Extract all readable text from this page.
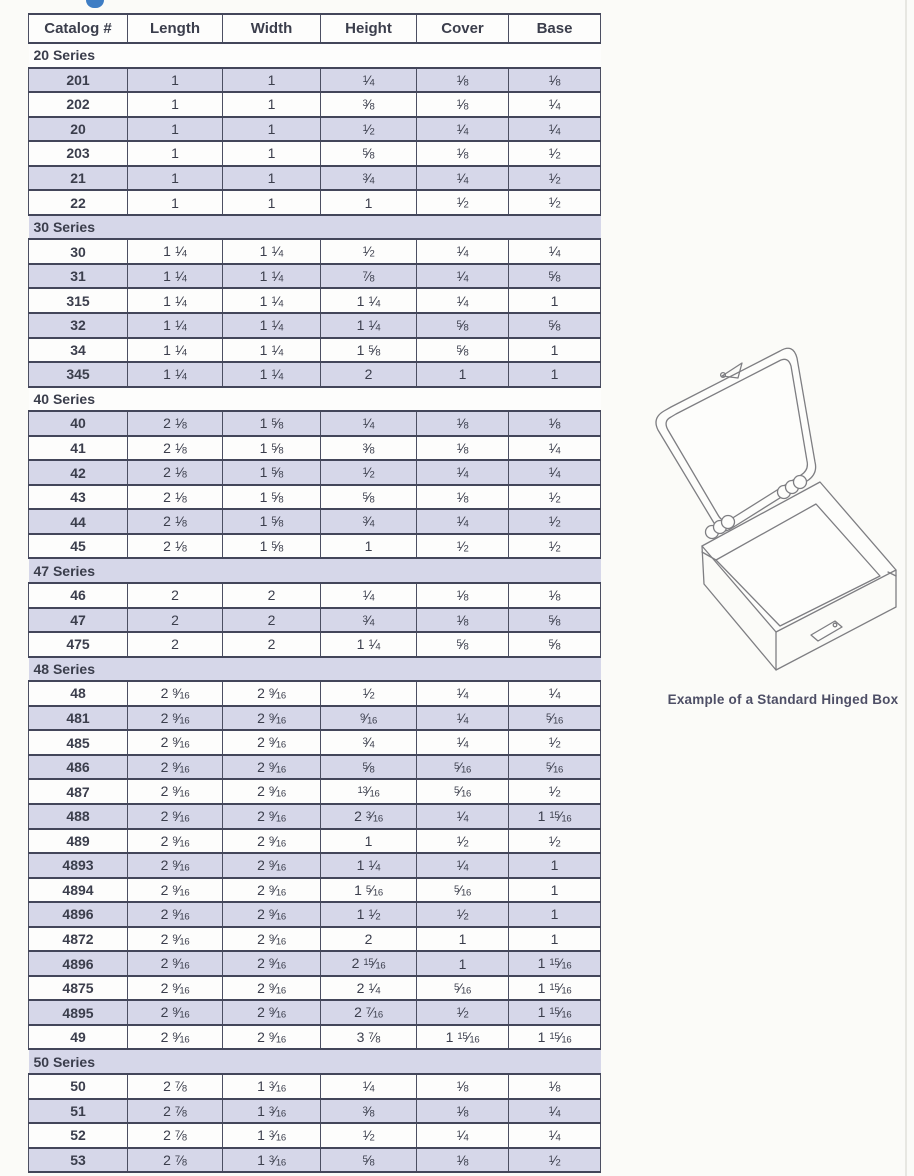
Catalog #	Length	Width	Height	Cover	Base
20 Series					
201	1	1	$^1⁄_4$	$^1⁄_8$	$^1⁄_8$
202	1	1	$^3⁄_8$	$^1⁄_8$	$^1⁄_4$
20	1	1	$^1⁄_2$	$^1⁄_4$	$^1⁄_4$
203	1	1	$^5⁄_8$	$^1⁄_8$	$^1⁄_2$
21	1	1	$^3⁄_4$	$^1⁄_4$	$^1⁄_2$
22	1	1	1	$^1⁄_2$	$^1⁄_2$
30 Series					
30	1 $^1⁄_4$	1 $^1⁄_4$	$^1⁄_2$	$^1⁄_4$	$^1⁄_4$
31	1 $^1⁄_4$	1 $^1⁄_4$	$^7⁄_8$	$^1⁄_4$	$^5⁄_8$
315	1 $^1⁄_4$	1 $^1⁄_4$	1 $^1⁄_4$	$^1⁄_4$	1
32	1 $^1⁄_4$	1 $^1⁄_4$	1 $^1⁄_4$	$^5⁄_8$	$^5⁄_8$
34	1 $^1⁄_4$	1 $^1⁄_4$	1 $^5⁄_8$	$^5⁄_8$	1
345	1 $^1⁄_4$	1 $^1⁄_4$	2	1	1
40 Series					
40	2 $^1⁄_8$	1 $^5⁄_8$	$^1⁄_4$	$^1⁄_8$	$^1⁄_8$
41	2 $^1⁄_8$	1 $^5⁄_8$	$^3⁄_8$	$^1⁄_8$	$^1⁄_4$
42	2 $^1⁄_8$	1 $^5⁄_8$	$^1⁄_2$	$^1⁄_4$	$^1⁄_4$
43	2 $^1⁄_8$	1 $^5⁄_8$	$^5⁄_8$	$^1⁄_8$	$^1⁄_2$
44	2 $^1⁄_8$	1 $^5⁄_8$	$^3⁄_4$	$^1⁄_4$	$^1⁄_2$
45	2 $^1⁄_8$	1 $^5⁄_8$	1	$^1⁄_2$	$^1⁄_2$
47 Series					
46	2	2	$^1⁄_4$	$^1⁄_8$	$^1⁄_8$
47	2	2	$^3⁄_4$	$^1⁄_8$	$^5⁄_8$
475	2	2	1 $^1⁄_4$	$^5⁄_8$	$^5⁄_8$
48 Series					
48	2 $^9⁄_{16}$	2 $^9⁄_{16}$	$^1⁄_2$	$^1⁄_4$	$^1⁄_4$
481	2 $^9⁄_{16}$	2 $^9⁄_{16}$	$^9⁄_{16}$	$^1⁄_4$	$^5⁄_{16}$
485	2 $^9⁄_{16}$	2 $^9⁄_{16}$	$^3⁄_4$	$^1⁄_4$	$^1⁄_2$
486	2 $^9⁄_{16}$	2 $^9⁄_{16}$	$^5⁄_8$	$^5⁄_{16}$	$^5⁄_{16}$
487	2 $^9⁄_{16}$	2 $^9⁄_{16}$	$^{13}⁄_{16}$	$^5⁄_{16}$	$^1⁄_2$
488	2 $^9⁄_{16}$	2 $^9⁄_{16}$	2 $^3⁄_{16}$	$^1⁄_4$	1 $^{15}⁄_{16}$
489	2 $^9⁄_{16}$	2 $^9⁄_{16}$	1	$^1⁄_2$	$^1⁄_2$
4893	2 $^9⁄_{16}$	2 $^9⁄_{16}$	1 $^1⁄_4$	$^1⁄_4$	1
4894	2 $^9⁄_{16}$	2 $^9⁄_{16}$	1 $^5⁄_{16}$	$^5⁄_{16}$	1
4896	2 $^9⁄_{16}$	2 $^9⁄_{16}$	1 $^1⁄_2$	$^1⁄_2$	1
4872	2 $^9⁄_{16}$	2 $^9⁄_{16}$	2	1	1
4896	2 $^9⁄_{16}$	2 $^9⁄_{16}$	2 $^{15}⁄_{16}$	1	1 $^{15}⁄_{16}$
4875	2 $^9⁄_{16}$	2 $^9⁄_{16}$	2 $^1⁄_4$	$^5⁄_{16}$	1 $^{15}⁄_{16}$
4895	2 $^9⁄_{16}$	2 $^9⁄_{16}$	2 $^7⁄_{16}$	$^1⁄_2$	1 $^{15}⁄_{16}$
49	2 $^9⁄_{16}$	2 $^9⁄_{16}$	3 $^7⁄_8$	1 $^{15}⁄_{16}$	1 $^{15}⁄_{16}$
50 Series					
50	2 $^7⁄_8$	1 $^3⁄_{16}$	$^1⁄_4$	$^1⁄_8$	$^1⁄_8$
51	2 $^7⁄_8$	1 $^3⁄_{16}$	$^3⁄_8$	$^1⁄_8$	$^1⁄_4$
52	2 $^7⁄_8$	1 $^3⁄_{16}$	$^1⁄_2$	$^1⁄_4$	$^1⁄_4$
53	2 $^7⁄_8$	1 $^3⁄_{16}$	$^5⁄_8$	$^1⁄_8$	$^1⁄_2$
Example of a Standard Hinged Box
